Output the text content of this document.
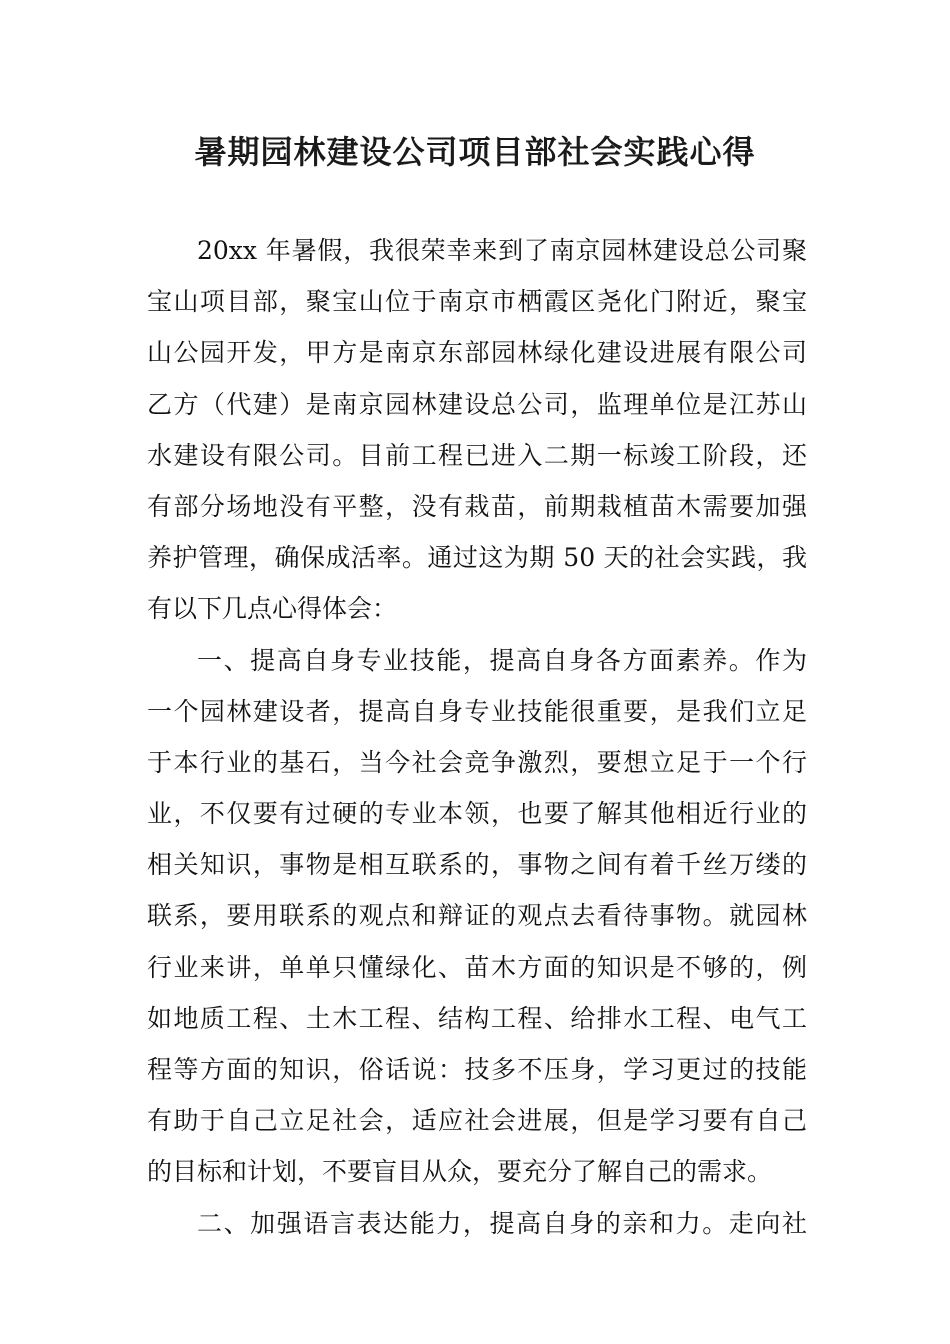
暑期园林建设公司项目部社会实践心得
20xx 年暑假，我很荣幸来到了南京园林建设总公司聚
宝山项目部，聚宝山位于南京市栖霞区尧化门附近，聚宝
山公园开发，甲方是南京东部园林绿化建设进展有限公司
乙方（代建）是南京园林建设总公司，监理单位是江苏山
水建设有限公司。目前工程已进入二期一标竣工阶段，还
有部分场地没有平整，没有栽苗，前期栽植苗木需要加强
养护管理，确保成活率。通过这为期 50 天的社会实践，我
有以下几点心得体会：
一、提高自身专业技能，提高自身各方面素养。作为
一个园林建设者，提高自身专业技能很重要，是我们立足
于本行业的基石，当今社会竞争激烈，要想立足于一个行
业，不仅要有过硬的专业本领，也要了解其他相近行业的
相关知识，事物是相互联系的，事物之间有着千丝万缕的
联系，要用联系的观点和辩证的观点去看待事物。就园林
行业来讲，单单只懂绿化、苗木方面的知识是不够的，例
如地质工程、土木工程、结构工程、给排水工程、电气工
程等方面的知识，俗话说：技多不压身，学习更过的技能
有助于自己立足社会，适应社会进展，但是学习要有自己
的目标和计划，不要盲目从众，要充分了解自己的需求。
二、加强语言表达能力，提高自身的亲和力。走向社
